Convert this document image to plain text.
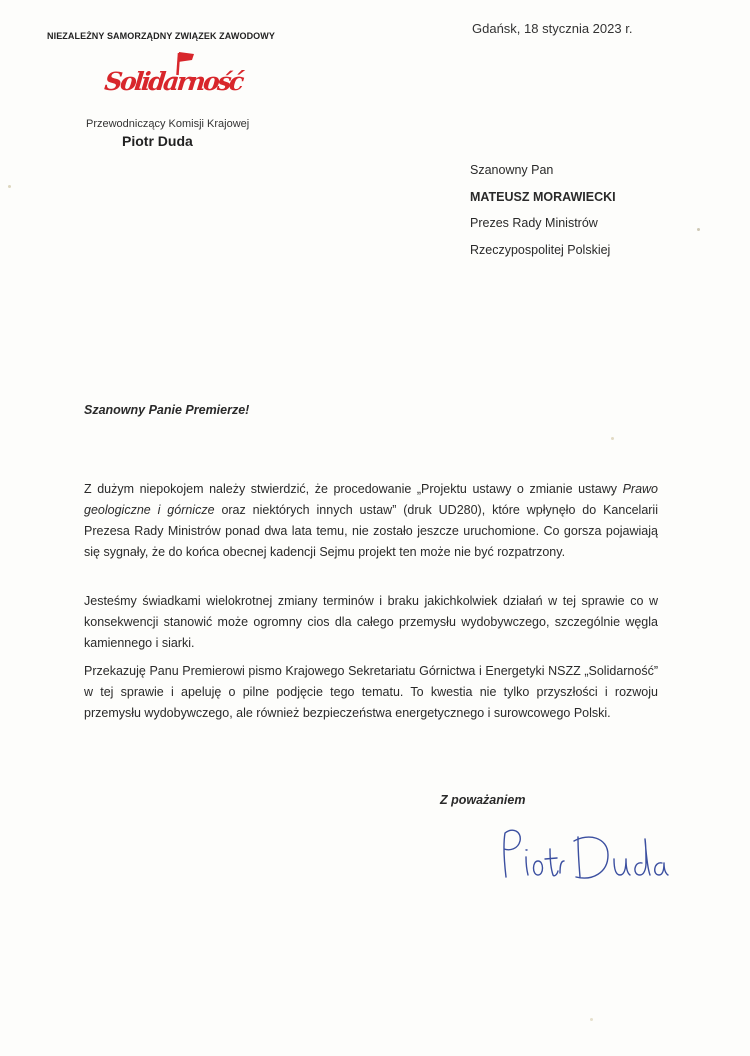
NIEZALEŻNY SAMORZĄDNY ZWIĄZEK ZAWODOWY
Solidarność
Przewodniczący Komisji Krajowej
Piotr Duda
Gdańsk, 18 stycznia 2023 r.
Szanowny Pan
MATEUSZ MORAWIECKI
Prezes Rady Ministrów
Rzeczypospolitej Polskiej
Szanowny Panie Premierze!
Z dużym niepokojem należy stwierdzić, że procedowanie „Projektu ustawy o zmianie ustawy Prawo geologiczne i górnicze oraz niektórych innych ustaw” (druk UD280), które wpłynęło do Kancelarii Prezesa Rady Ministrów ponad dwa lata temu, nie zostało jeszcze uruchomione. Co gorsza pojawiają się sygnały, że do końca obecnej kadencji Sejmu projekt ten może nie być rozpatrzony.
Jesteśmy świadkami wielokrotnej zmiany terminów i braku jakichkolwiek działań w tej sprawie co w konsekwencji stanowić może ogromny cios dla całego przemysłu wydobywczego, szczególnie węgla kamiennego i siarki.
Przekazuję Panu Premierowi pismo Krajowego Sekretariatu Górnictwa i Energetyki NSZZ „Solidarność” w tej sprawie i apeluję o pilne podjęcie tego tematu. To kwestia nie tylko przyszłości i rozwoju przemysłu wydobywczego, ale również bezpieczeństwa energetycznego i surowcowego Polski.
Z poważaniem
